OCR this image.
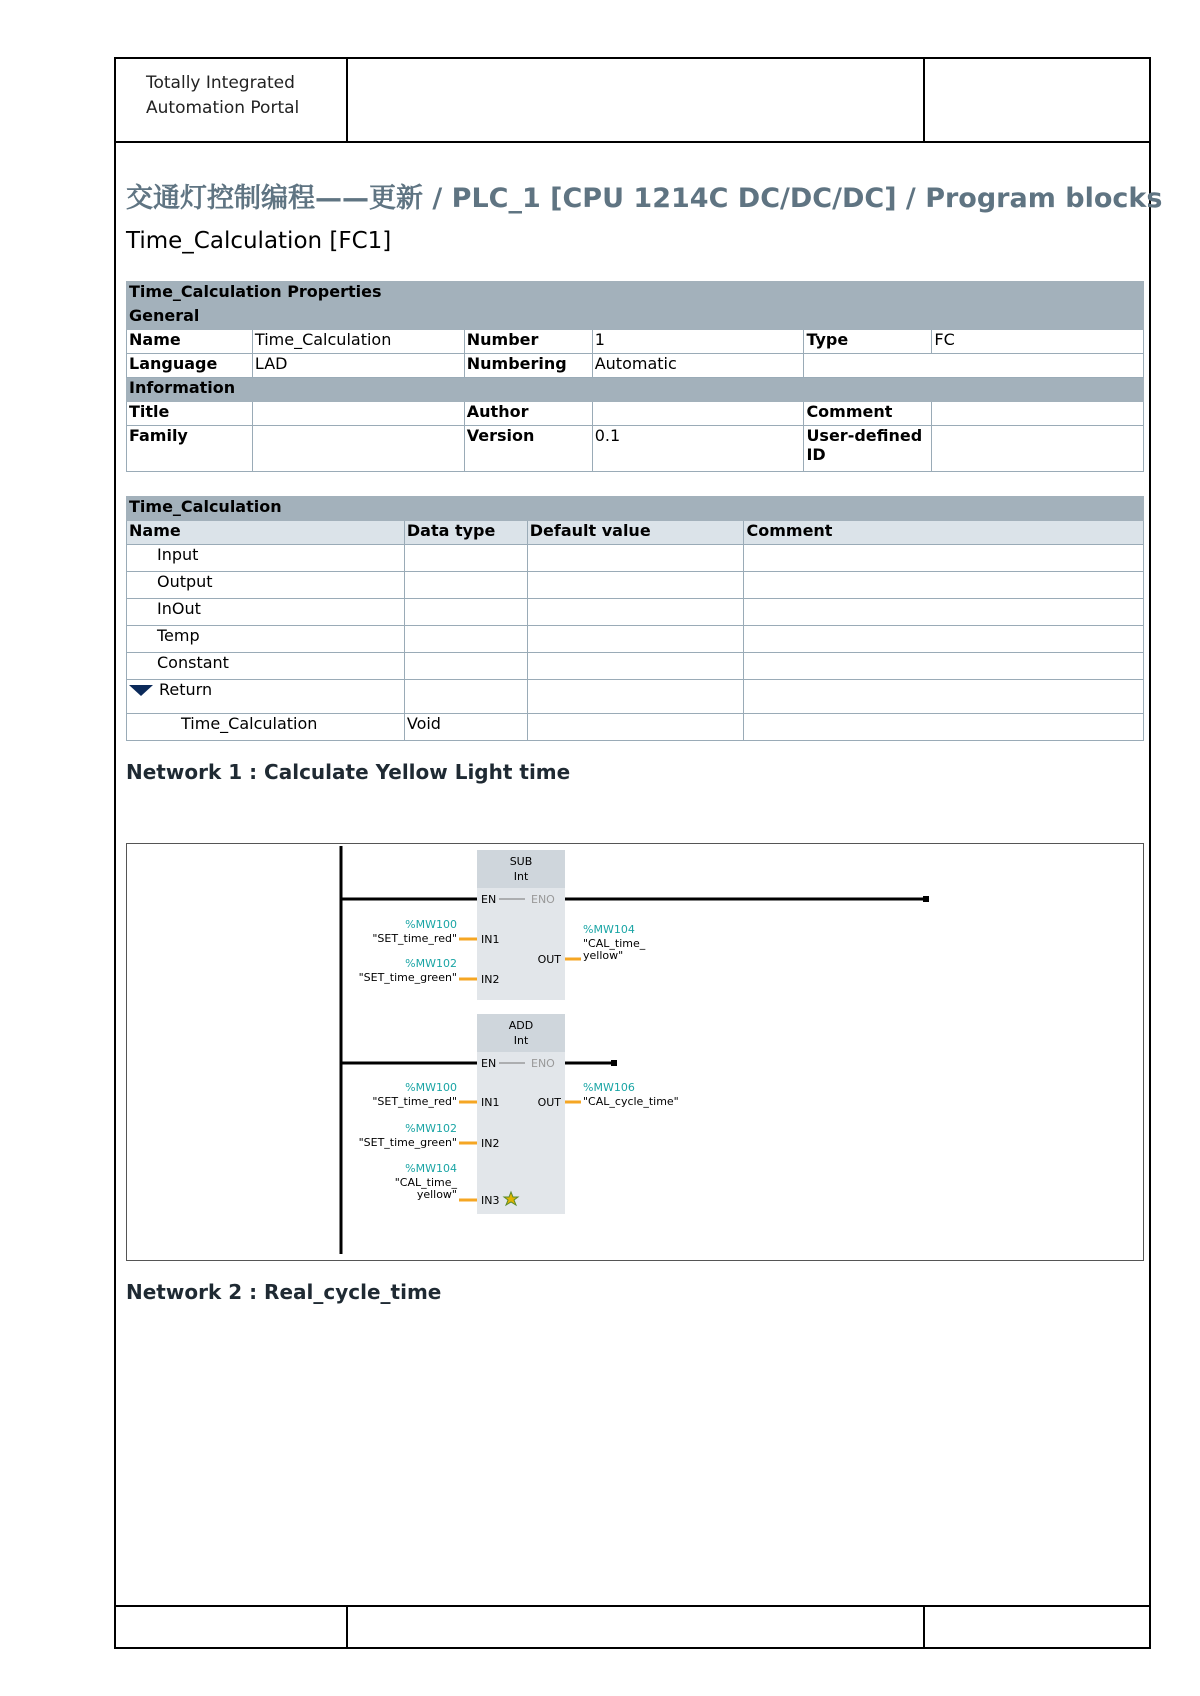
Totally Integrated
Automation Portal
交通灯控制编程——更新 / PLC_1 [CPU 1214C DC/DC/DC] / Program blocks
Time_Calculation [FC1]
Time_Calculation Properties					
General					
Name	Time_Calculation	Number	1	Type	FC
Language	LAD	Numbering	Automatic		
Information					
Title		Author		Comment	
Family		Version	0.1	User-defined ID	
Time_Calculation			
Name	Data type	Default value	Comment
Input			
Output			
InOut			
Temp			
Constant			
Return			
Time_Calculation	Void		
Network 1 : Calculate Yellow Light time
SUB
Int
EN	ENO
%MW100
"SET_time_red" IN1
%MW102
"SET_time_green" IN2
OUT
%MW104
"CAL_time_
yellow"
ADD
Int
EN	ENO
%MW100
"SET_time_red" IN1
%MW102
"SET_time_green" IN2
%MW104
"CAL_time_
yellow" IN3
OUT
%MW106
"CAL_cycle_time"
Network 2 : Real_cycle_time
